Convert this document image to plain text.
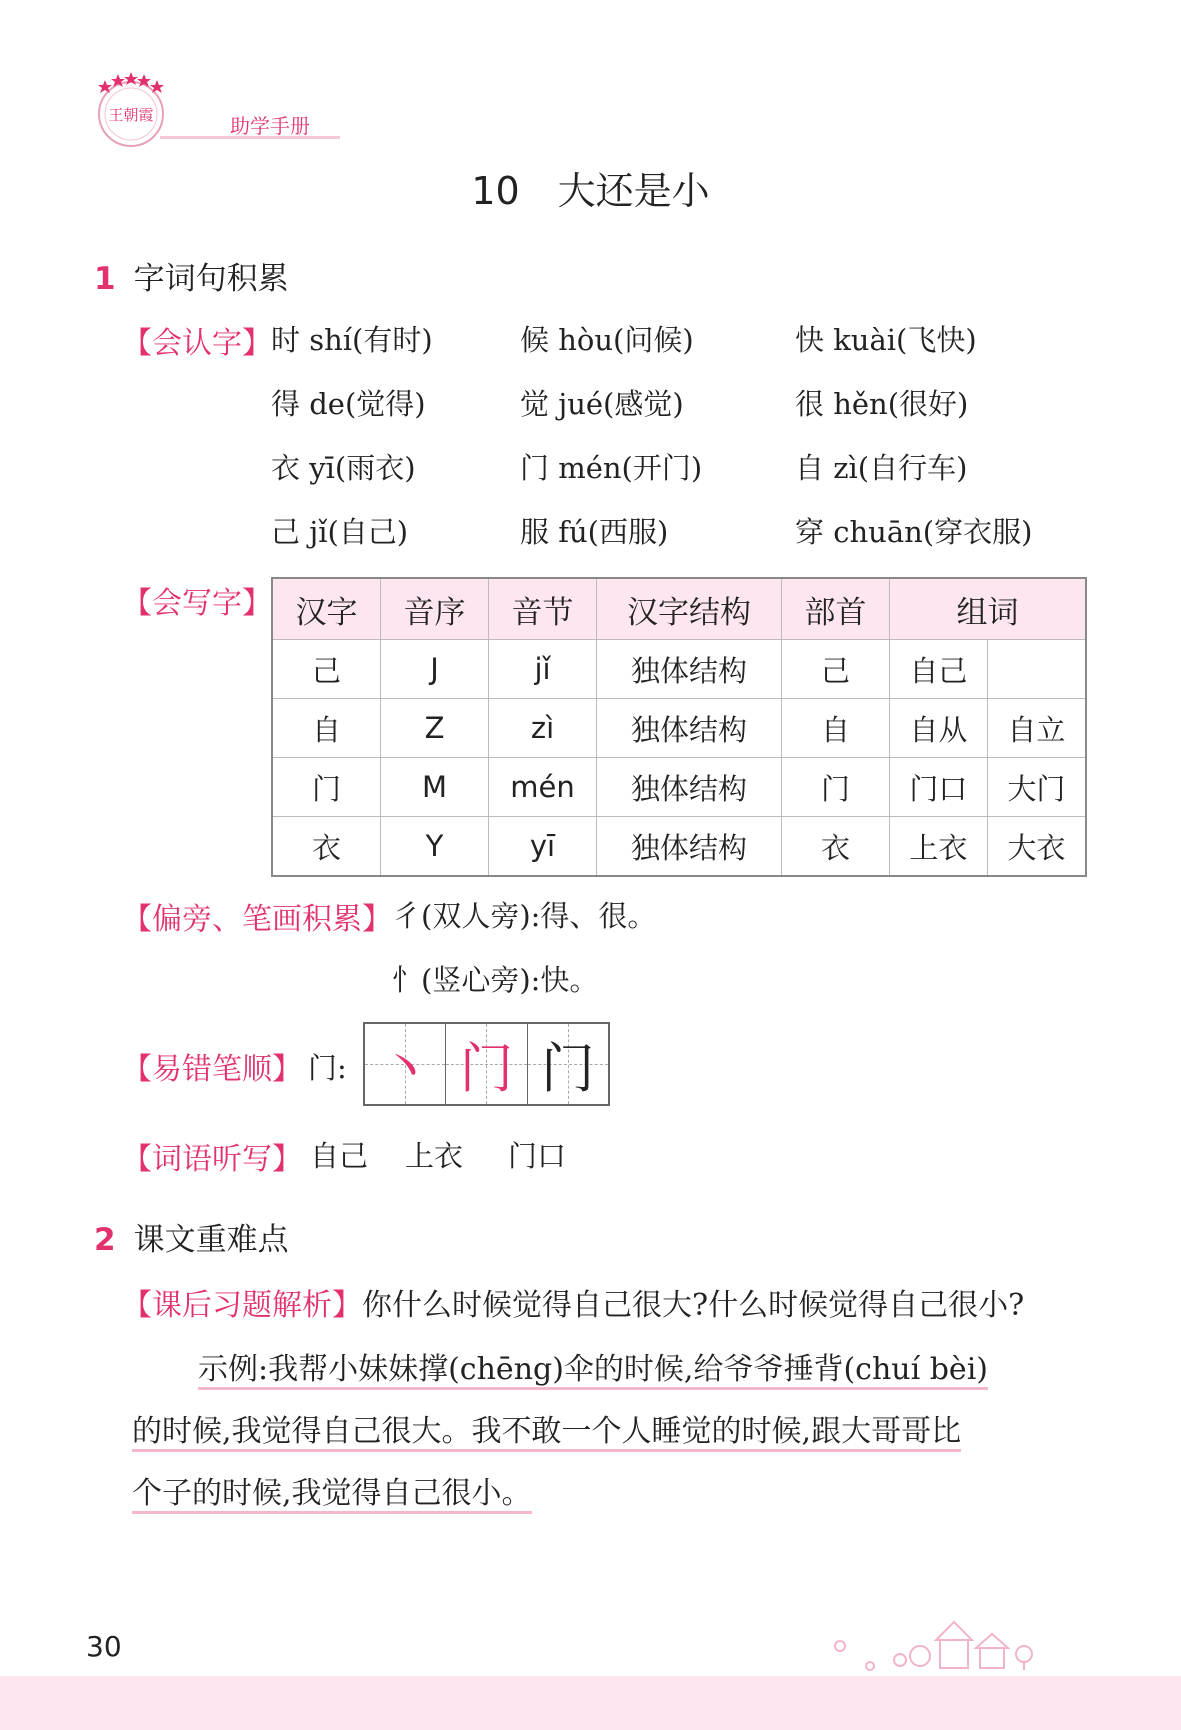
王朝霞	助学手册
10 大还是小
1 字词句积累
【会认字】 时 shí(有时)	候 hòu(问候)	快 kuài(飞快)
得 de(觉得)	觉 jué(感觉)	很 hěn(很好)
衣 yī(雨衣)	门 mén(开门)	自 zì(自行车)
己 jǐ(自己)	服 fú(西服)	穿 chuān(穿衣服)
【会写字】 汉字	音序	音节	汉字结构	部首	组词	
己	J	jǐ	独体结构	己	自己	
自	Z	zì	独体结构	自	自从	自立
门	M	mén	独体结构	门	门口	大门
衣	Y	yī	独体结构	衣	上衣	大衣
【偏旁、笔画积累】 彳(双人旁):得、很。
忄(竖心旁):快。
【易错笔顺】 门: 丶 门 门
【词语听写】 自己 上衣 门口
2 课文重难点
【课后习题解析】 你什么时候觉得自己很大?什么时候觉得自己很小?
示例:我帮小妹妹撑(chēng)伞的时候,给爷爷捶背(chuí bèi)
的时候,我觉得自己很大。我不敢一个人睡觉的时候,跟大哥哥比
个子的时候,我觉得自己很小。
30
